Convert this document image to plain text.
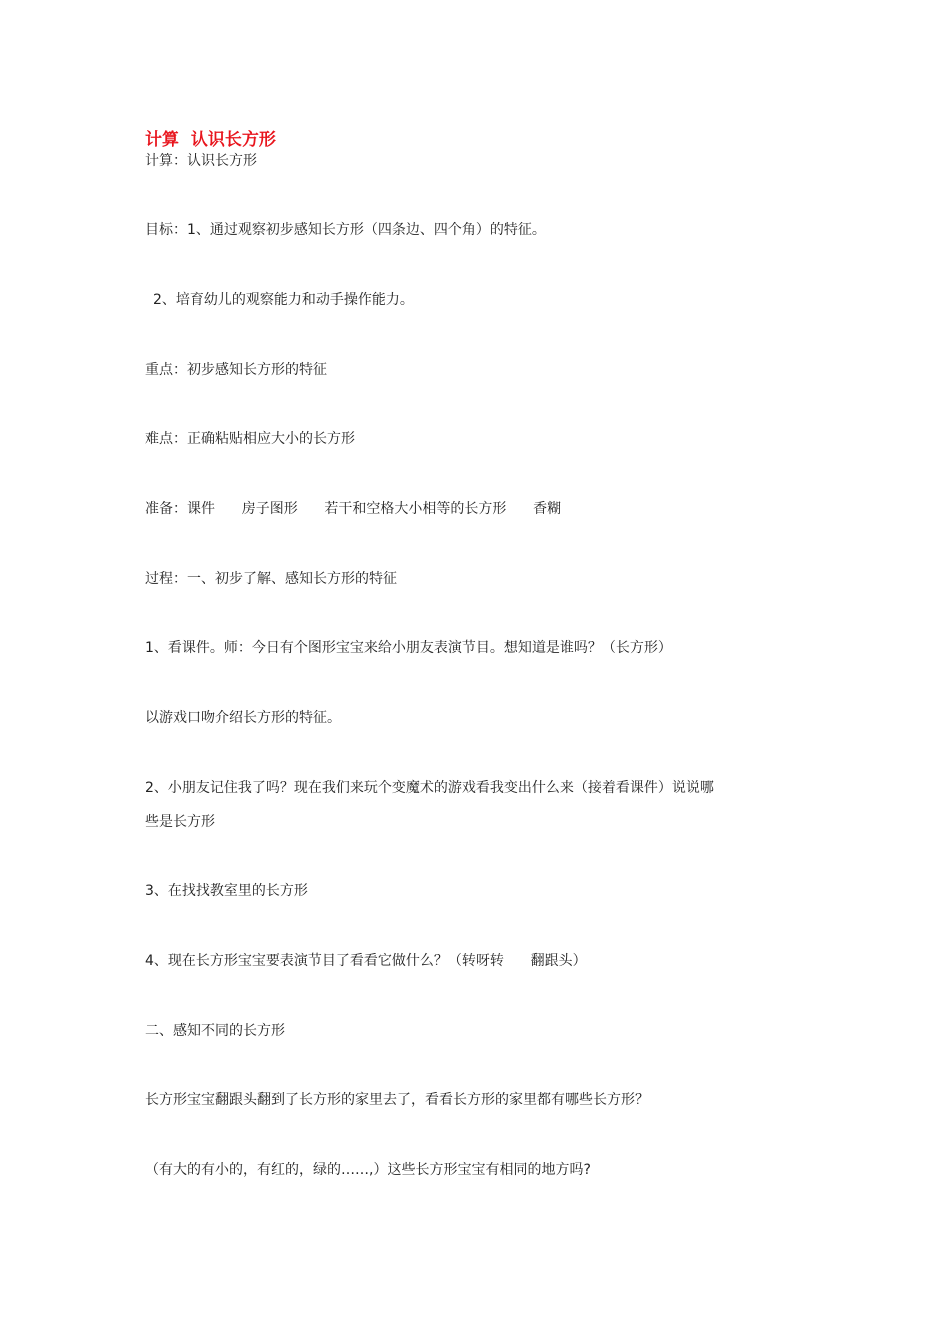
计算  认识长方形

计算：认识长方形

目标：1、通过观察初步感知长方形（四条边、四个角）的特征。

2、培育幼儿的观察能力和动手操作能力。

重点：初步感知长方形的特征

难点：正确粘贴相应大小的长方形

准备：课件      房子图形      若干和空格大小相等的长方形      香糊

过程：一、初步了解、感知长方形的特征

1、看课件。师：今日有个图形宝宝来给小朋友表演节目。想知道是谁吗？（长方形）

以游戏口吻介绍长方形的特征。

2、小朋友记住我了吗？现在我们来玩个变魔术的游戏看我变出什么来（接着看课件）说说哪

些是长方形

3、在找找教室里的长方形

4、现在长方形宝宝要表演节目了看看它做什么？（转呀转      翻跟头）

二、感知不同的长方形

长方形宝宝翻跟头翻到了长方形的家里去了，看看长方形的家里都有哪些长方形？

（有大的有小的，有红的，绿的……,）这些长方形宝宝有相同的地方吗?
